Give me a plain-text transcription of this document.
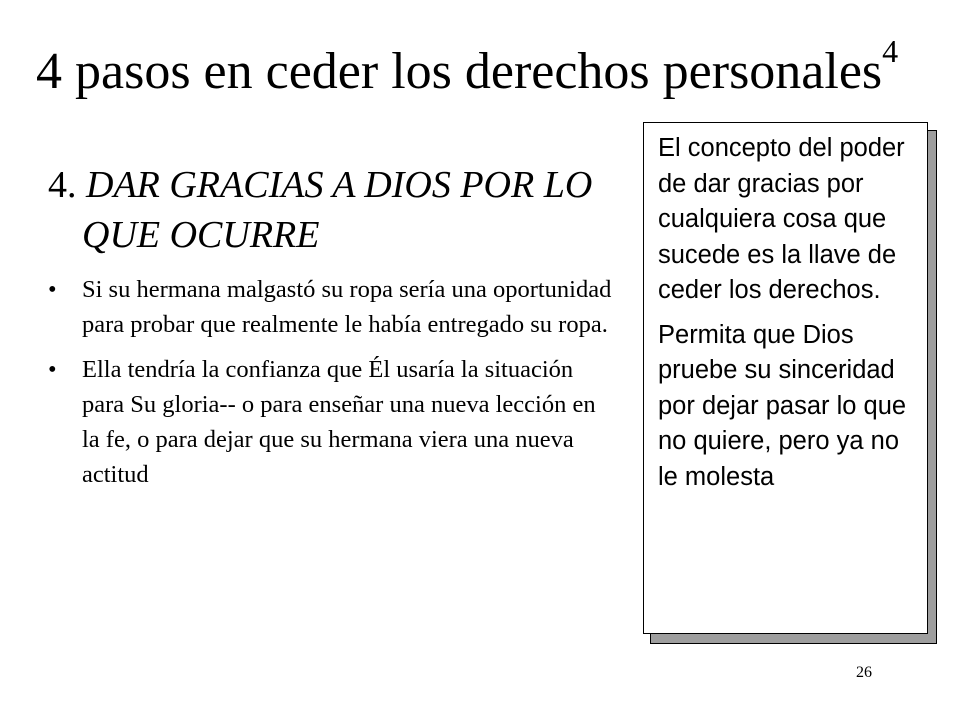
4 pasos en ceder los derechos personales$^4$
4. DAR GRACIAS A DIOS POR LO QUE OCURRE
• Si su hermana malgastó su ropa sería una oportunidad para probar que realmente le había entregado su ropa.
• Ella tendría la confianza que Él usaría la situación para Su gloria-- o para enseñar una nueva lección en la fe, o para dejar que su hermana viera una nueva actitud

El concepto del poder de dar gracias por cualquiera cosa que sucede es la llave de ceder los derechos.

Permita que Dios pruebe su sinceridad por dejar pasar lo que no quiere, pero ya no le molesta

26
